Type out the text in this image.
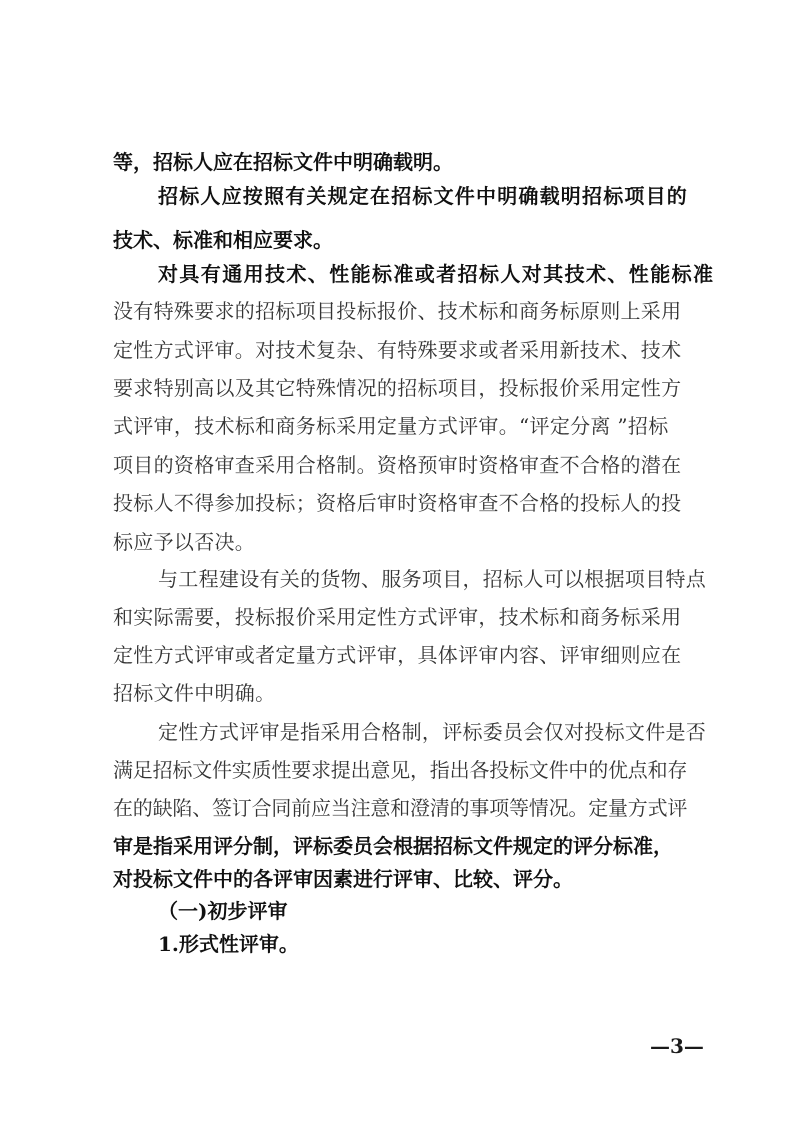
等，招标人应在招标文件中明确载明。
招标人应按照有关规定在招标文件中明确载明招标项目的
技术、标准和相应要求。
对具有通用技术、性能标准或者招标人对其技术、性能标准
没有特殊要求的招标项目投标报价、技术标和商务标原则上采用
定性方式评审。对技术复杂、有特殊要求或者采用新技术、技术
要求特别高以及其它特殊情况的招标项目，投标报价采用定性方
式评审，技术标和商务标采用定量方式评审。“评定分离 ”招标
项目的资格审查采用合格制。资格预审时资格审查不合格的潜在
投标人不得参加投标；资格后审时资格审查不合格的投标人的投
标应予以否决。
与工程建设有关的货物、服务项目，招标人可以根据项目特点
和实际需要，投标报价采用定性方式评审，技术标和商务标采用
定性方式评审或者定量方式评审，具体评审内容、评审细则应在
招标文件中明确。
定性方式评审是指采用合格制，评标委员会仅对投标文件是否
满足招标文件实质性要求提出意见，指出各投标文件中的优点和存
在的缺陷、签订合同前应当注意和澄清的事项等情况。定量方式评
审是指采用评分制，评标委员会根据招标文件规定的评分标准，
对投标文件中的各评审因素进行评审、比较、评分。
（一)初步评审
1.形式性评审。
—3—
